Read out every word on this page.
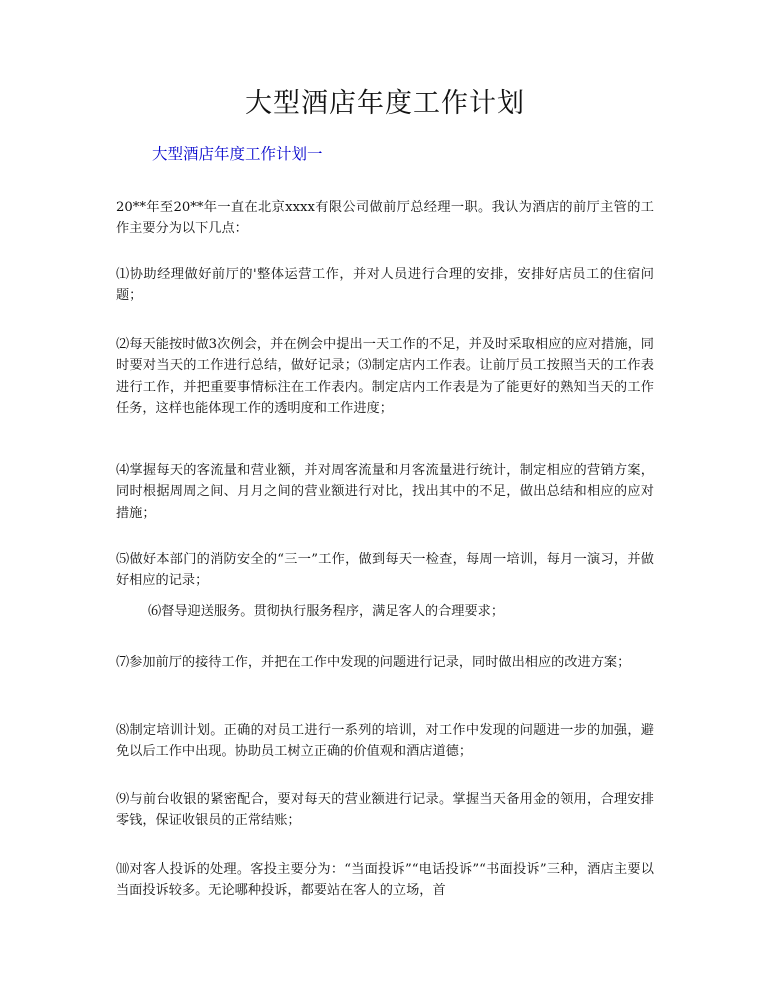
大型酒店年度工作计划
大型酒店年度工作计划一

20**年至20**年一直在北京xxxx有限公司做前厅总经理一职。我认为酒店的前厅主管的工作主要分为以下几点：

⑴协助经理做好前厅的'整体运营工作，并对人员进行合理的安排，安排好店员工的住宿问题；

⑵每天能按时做3次例会，并在例会中提出一天工作的不足，并及时采取相应的应对措施，同时要对当天的工作进行总结，做好记录；⑶制定店内工作表。让前厅员工按照当天的工作表进行工作，并把重要事情标注在工作表内。制定店内工作表是为了能更好的熟知当天的工作任务，这样也能体现工作的透明度和工作进度；

⑷掌握每天的客流量和营业额，并对周客流量和月客流量进行统计，制定相应的营销方案，同时根据周周之间、月月之间的营业额进行对比，找出其中的不足，做出总结和相应的应对措施；

⑸做好本部门的消防安全的“三一”工作，做到每天一检查，每周一培训，每月一演习，并做好相应的记录；

⑹督导迎送服务。贯彻执行服务程序，满足客人的合理要求；

⑺参加前厅的接待工作，并把在工作中发现的问题进行记录，同时做出相应的改进方案；

⑻制定培训计划。正确的对员工进行一系列的培训，对工作中发现的问题进一步的加强，避免以后工作中出现。协助员工树立正确的价值观和酒店道德；

⑼与前台收银的紧密配合，要对每天的营业额进行记录。掌握当天备用金的领用，合理安排零钱，保证收银员的正常结账；

⑽对客人投诉的处理。客投主要分为：“当面投诉”“电话投诉”“书面投诉”三种，酒店主要以当面投诉较多。无论哪种投诉，都要站在客人的立场，首
